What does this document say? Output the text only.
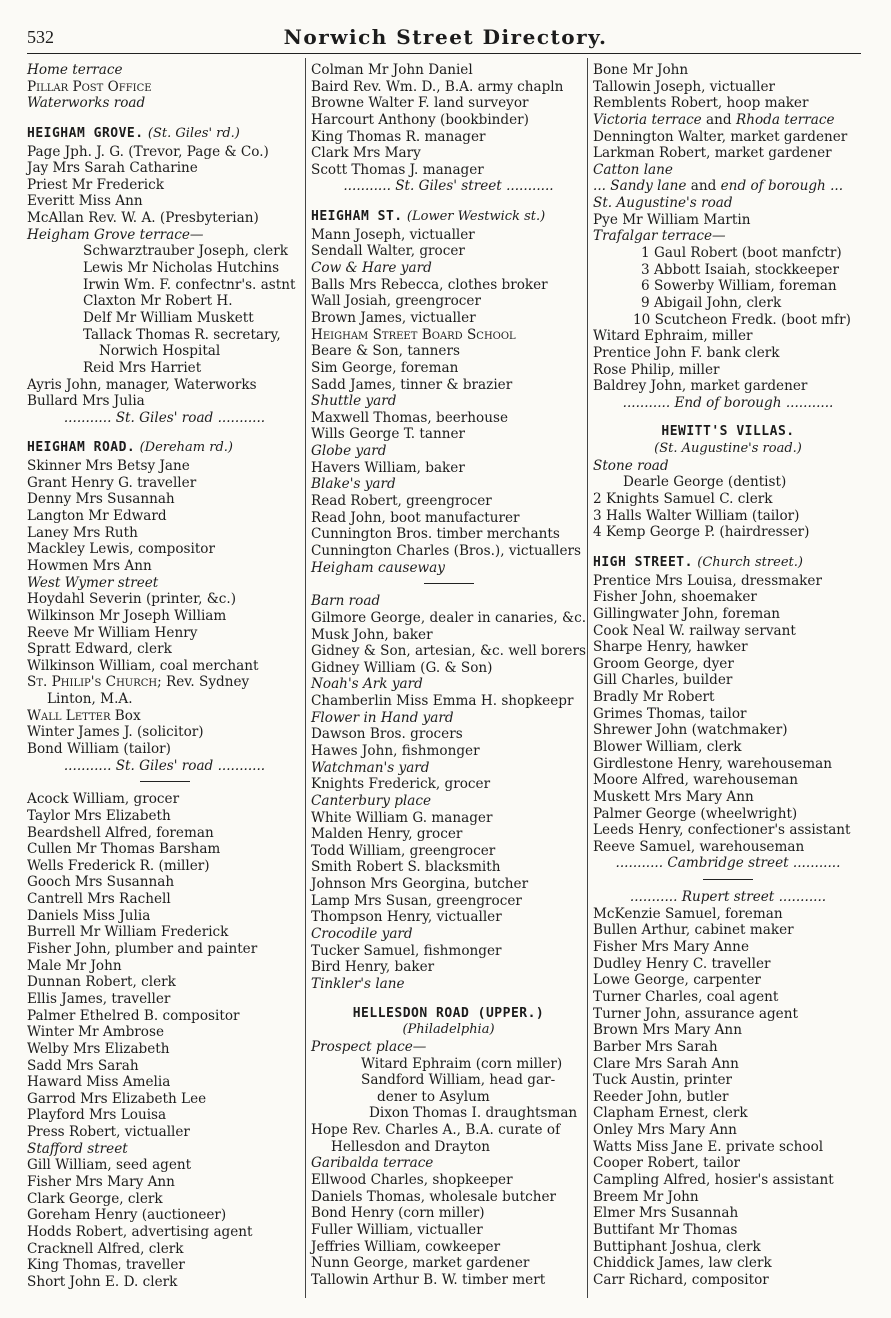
532	Norwich Street Directory.
Home terrace
Pillar Post Office
Waterworks road
HEIGHAM GROVE. (St. Giles' rd.)
Page Jph. J. G. (Trevor, Page & Co.)
Jay Mrs Sarah Catharine
Priest Mr Frederick
Everitt Miss Ann
McAllan Rev. W. A. (Presbyterian)
Heigham Grove terrace—
Schwarztrauber Joseph, clerk
Lewis Mr Nicholas Hutchins
Irwin Wm. F. confectnr's. astnt
Claxton Mr Robert H.
Delf Mr William Muskett
Tallack Thomas R. secretary,
Norwich Hospital
Reid Mrs Harriet
Ayris John, manager, Waterworks
Bullard Mrs Julia
........... St. Giles' road ...........
HEIGHAM ROAD. (Dereham rd.)
Skinner Mrs Betsy Jane
Grant Henry G. traveller
Denny Mrs Susannah
Langton Mr Edward
Laney Mrs Ruth
Mackley Lewis, compositor
Howmen Mrs Ann
West Wymer street
Hoydahl Severin (printer, &c.)
Wilkinson Mr Joseph William
Reeve Mr William Henry
Spratt Edward, clerk
Wilkinson William, coal merchant
St. Philip's Church; Rev. Sydney
Linton, M.A.
Wall Letter Box
Winter James J. (solicitor)
Bond William (tailor)
........... St. Giles' road ...........
Acock William, grocer
Taylor Mrs Elizabeth
Beardshell Alfred, foreman
Cullen Mr Thomas Barsham
Wells Frederick R. (miller)
Gooch Mrs Susannah
Cantrell Mrs Rachell
Daniels Miss Julia
Burrell Mr William Frederick
Fisher John, plumber and painter
Male Mr John
Dunnan Robert, clerk
Ellis James, traveller
Palmer Ethelred B. compositor
Winter Mr Ambrose
Welby Mrs Elizabeth
Sadd Mrs Sarah
Haward Miss Amelia
Garrod Mrs Elizabeth Lee
Playford Mrs Louisa
Press Robert, victualler
Stafford street
Gill William, seed agent
Fisher Mrs Mary Ann
Clark George, clerk
Goreham Henry (auctioneer)
Hodds Robert, advertising agent
Cracknell Alfred, clerk
King Thomas, traveller
Short John E. D. clerk
Colman Mr John Daniel
Baird Rev. Wm. D., B.A. army chapln
Browne Walter F. land surveyor
Harcourt Anthony (bookbinder)
King Thomas R. manager
Clark Mrs Mary
Scott Thomas J. manager
........... St. Giles' street ...........
HEIGHAM ST. (Lower Westwick st.)
Mann Joseph, victualler
Sendall Walter, grocer
Cow & Hare yard
Balls Mrs Rebecca, clothes broker
Wall Josiah, greengrocer
Brown James, victualler
Heigham Street Board School
Beare & Son, tanners
Sim George, foreman
Sadd James, tinner & brazier
Shuttle yard
Maxwell Thomas, beerhouse
Wills George T. tanner
Globe yard
Havers William, baker
Blake's yard
Read Robert, greengrocer
Read John, boot manufacturer
Cunnington Bros. timber merchants
Cunnington Charles (Bros.), victuallers
Heigham causeway
Barn road
Gilmore George, dealer in canaries, &c.
Musk John, baker
Gidney & Son, artesian, &c. well borers
Gidney William (G. & Son)
Noah's Ark yard
Chamberlin Miss Emma H. shopkeepr
Flower in Hand yard
Dawson Bros. grocers
Hawes John, fishmonger
Watchman's yard
Knights Frederick, grocer
Canterbury place
White William G. manager
Malden Henry, grocer
Todd William, greengrocer
Smith Robert S. blacksmith
Johnson Mrs Georgina, butcher
Lamp Mrs Susan, greengrocer
Thompson Henry, victualler
Crocodile yard
Tucker Samuel, fishmonger
Bird Henry, baker
Tinkler's lane
HELLESDON ROAD (UPPER.)
(Philadelphia)
Prospect place—
Witard Ephraim (corn miller)
Sandford William, head gar-
dener to Asylum
Dixon Thomas I. draughtsman
Hope Rev. Charles A., B.A. curate of
Hellesdon and Drayton
Garibalda terrace
Ellwood Charles, shopkeeper
Daniels Thomas, wholesale butcher
Bond Henry (corn miller)
Fuller William, victualler
Jeffries William, cowkeeper
Nunn George, market gardener
Tallowin Arthur B. W. timber mert
Bone Mr John
Tallowin Joseph, victualler
Remblents Robert, hoop maker
Victoria terrace and Rhoda terrace
Dennington Walter, market gardener
Larkman Robert, market gardener
Catton lane
... Sandy lane and end of borough ...
St. Augustine's road
Pye Mr William Martin
Trafalgar terrace—
1 Gaul Robert (boot manfctr)
3 Abbott Isaiah, stockkeeper
6 Sowerby William, foreman
9 Abigail John, clerk
10 Scutcheon Fredk. (boot mfr)
Witard Ephraim, miller
Prentice John F. bank clerk
Rose Philip, miller
Baldrey John, market gardener
........... End of borough ...........
HEWITT'S VILLAS.
(St. Augustine's road.)
Stone road
Dearle George (dentist)
2 Knights Samuel C. clerk
3 Halls Walter William (tailor)
4 Kemp George P. (hairdresser)
HIGH STREET. (Church street.)
Prentice Mrs Louisa, dressmaker
Fisher John, shoemaker
Gillingwater John, foreman
Cook Neal W. railway servant
Sharpe Henry, hawker
Groom George, dyer
Gill Charles, builder
Bradly Mr Robert
Grimes Thomas, tailor
Shrewer John (watchmaker)
Blower William, clerk
Girdlestone Henry, warehouseman
Moore Alfred, warehouseman
Muskett Mrs Mary Ann
Palmer George (wheelwright)
Leeds Henry, confectioner's assistant
Reeve Samuel, warehouseman
........... Cambridge street ...........
........... Rupert street ...........
McKenzie Samuel, foreman
Bullen Arthur, cabinet maker
Fisher Mrs Mary Anne
Dudley Henry C. traveller
Lowe George, carpenter
Turner Charles, coal agent
Turner John, assurance agent
Brown Mrs Mary Ann
Barber Mrs Sarah
Clare Mrs Sarah Ann
Tuck Austin, printer
Reeder John, butler
Clapham Ernest, clerk
Onley Mrs Mary Ann
Watts Miss Jane E. private school
Cooper Robert, tailor
Campling Alfred, hosier's assistant
Breem Mr John
Elmer Mrs Susannah
Buttifant Mr Thomas
Buttiphant Joshua, clerk
Chiddick James, law clerk
Carr Richard, compositor
